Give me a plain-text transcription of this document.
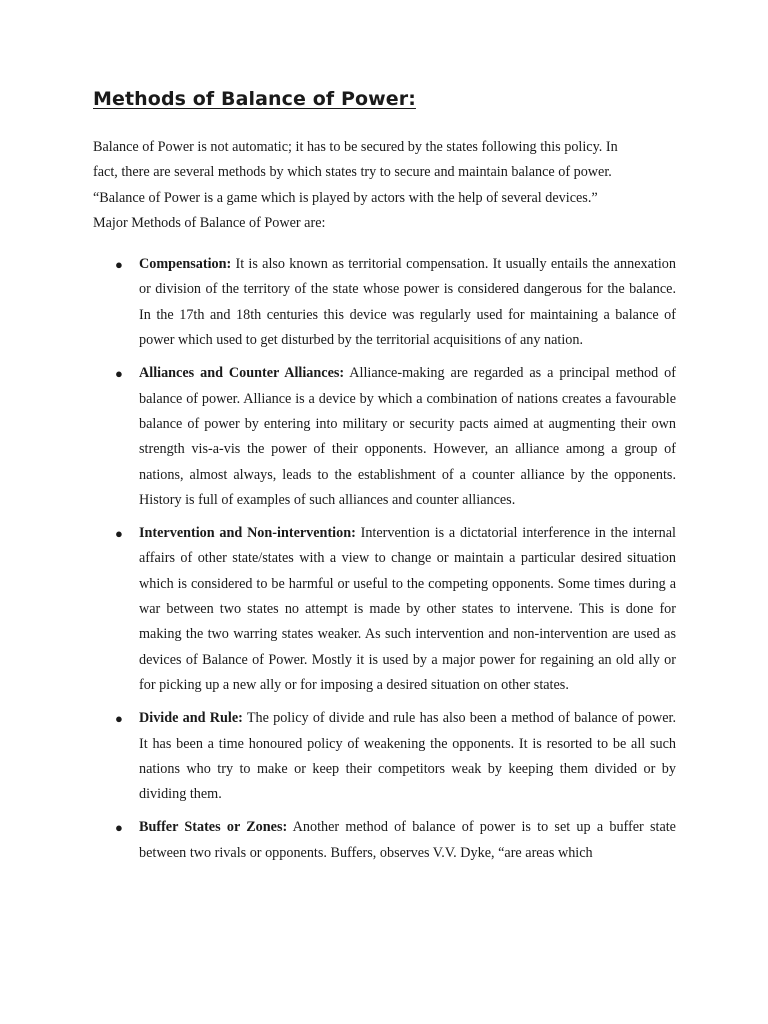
Methods of Balance of Power:

Balance of Power is not automatic; it has to be secured by the states following this policy. In
fact, there are several methods by which states try to secure and maintain balance of power.
“Balance of Power is a game which is played by actors with the help of several devices.”
Major Methods of Balance of Power are:

● Compensation: It is also known as territorial compensation. It usually entails the annexation or division of the territory of the state whose power is considered dangerous for the balance. In the 17th and 18th centuries this device was regularly used for maintaining a balance of power which used to get disturbed by the territorial acquisitions of any nation.
● Alliances and Counter Alliances: Alliance-making are regarded as a principal method of balance of power. Alliance is a device by which a combination of nations creates a favourable balance of power by entering into military or security pacts aimed at augmenting their own strength vis-a-vis the power of their opponents. However, an alliance among a group of nations, almost always, leads to the establishment of a counter alliance by the opponents. History is full of examples of such alliances and counter alliances.
● Intervention and Non-intervention: Intervention is a dictatorial interference in the internal affairs of other state/states with a view to change or maintain a particular desired situation which is considered to be harmful or useful to the competing opponents. Some times during a war between two states no attempt is made by other states to intervene. This is done for making the two warring states weaker. As such intervention and non-intervention are used as devices of Balance of Power. Mostly it is used by a major power for regaining an old ally or for picking up a new ally or for imposing a desired situation on other states.
● Divide and Rule: The policy of divide and rule has also been a method of balance of power. It has been a time honoured policy of weakening the opponents. It is resorted to be all such nations who try to make or keep their competitors weak by keeping them divided or by dividing them.
● Buffer States or Zones: Another method of balance of power is to set up a buffer state between two rivals or opponents. Buffers, observes V.V. Dyke, “are areas which
